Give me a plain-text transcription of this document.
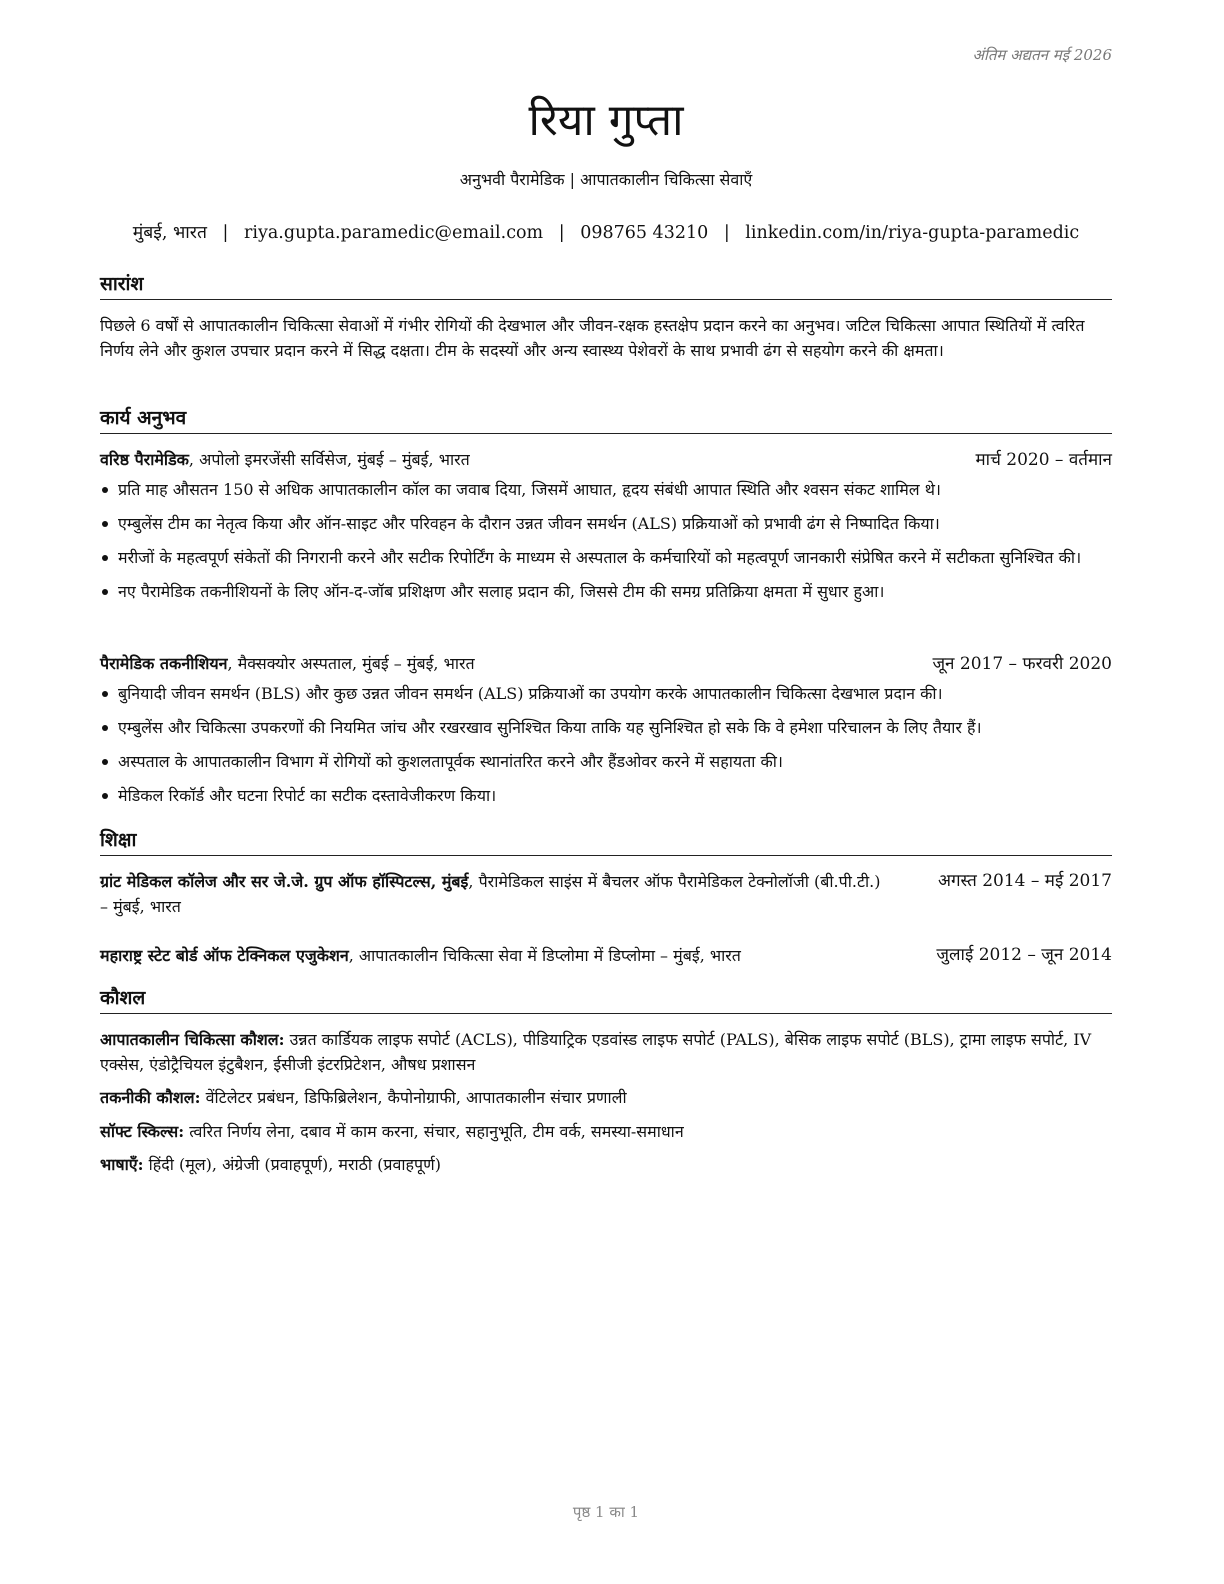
अंतिम अद्यतन मई 2026
रिया गुप्ता
अनुभवी पैरामेडिक | आपातकालीन चिकित्सा सेवाएँ
मुंबई, भारत | riya.gupta.paramedic@email.com | 098765 43210 | linkedin.com/in/riya-gupta-paramedic
सारांश
पिछले 6 वर्षों से आपातकालीन चिकित्सा सेवाओं में गंभीर रोगियों की देखभाल और जीवन-रक्षक हस्तक्षेप प्रदान करने का अनुभव। जटिल चिकित्सा आपात स्थितियों में त्वरित निर्णय लेने और कुशल उपचार प्रदान करने में सिद्ध दक्षता। टीम के सदस्यों और अन्य स्वास्थ्य पेशेवरों के साथ प्रभावी ढंग से सहयोग करने की क्षमता।
कार्य अनुभव
वरिष्ठ पैरामेडिक, अपोलो इमरजेंसी सर्विसेज, मुंबई – मुंबई, भारत	मार्च 2020 – वर्तमान
प्रति माह औसतन 150 से अधिक आपातकालीन कॉल का जवाब दिया, जिसमें आघात, हृदय संबंधी आपात स्थिति और श्वसन संकट शामिल थे।
एम्बुलेंस टीम का नेतृत्व किया और ऑन-साइट और परिवहन के दौरान उन्नत जीवन समर्थन (ALS) प्रक्रियाओं को प्रभावी ढंग से निष्पादित किया।
मरीजों के महत्वपूर्ण संकेतों की निगरानी करने और सटीक रिपोर्टिंग के माध्यम से अस्पताल के कर्मचारियों को महत्वपूर्ण जानकारी संप्रेषित करने में सटीकता सुनिश्चित की।
नए पैरामेडिक तकनीशियनों के लिए ऑन-द-जॉब प्रशिक्षण और सलाह प्रदान की, जिससे टीम की समग्र प्रतिक्रिया क्षमता में सुधार हुआ।
पैरामेडिक तकनीशियन, मैक्सक्योर अस्पताल, मुंबई – मुंबई, भारत	जून 2017 – फरवरी 2020
बुनियादी जीवन समर्थन (BLS) और कुछ उन्नत जीवन समर्थन (ALS) प्रक्रियाओं का उपयोग करके आपातकालीन चिकित्सा देखभाल प्रदान की।
एम्बुलेंस और चिकित्सा उपकरणों की नियमित जांच और रखरखाव सुनिश्चित किया ताकि यह सुनिश्चित हो सके कि वे हमेशा परिचालन के लिए तैयार हैं।
अस्पताल के आपातकालीन विभाग में रोगियों को कुशलतापूर्वक स्थानांतरित करने और हैंडओवर करने में सहायता की।
मेडिकल रिकॉर्ड और घटना रिपोर्ट का सटीक दस्तावेजीकरण किया।
शिक्षा
ग्रांट मेडिकल कॉलेज और सर जे.जे. ग्रुप ऑफ हॉस्पिटल्स, मुंबई, पैरामेडिकल साइंस में बैचलर ऑफ पैरामेडिकल टेक्नोलॉजी (बी.पी.टी.) – मुंबई, भारत
अगस्त 2014 – मई 2017
महाराष्ट्र स्टेट बोर्ड ऑफ टेक्निकल एजुकेशन, आपातकालीन चिकित्सा सेवा में डिप्लोमा में डिप्लोमा – मुंबई, भारत	जुलाई 2012 – जून 2014
कौशल
आपातकालीन चिकित्सा कौशल: उन्नत कार्डियक लाइफ सपोर्ट (ACLS), पीडियाट्रिक एडवांस्ड लाइफ सपोर्ट (PALS), बेसिक लाइफ सपोर्ट (BLS), ट्रामा लाइफ सपोर्ट, IV एक्सेस, एंडोट्रैचियल इंटुबैशन, ईसीजी इंटरप्रिटेशन, औषध प्रशासन
तकनीकी कौशल: वेंटिलेटर प्रबंधन, डिफिब्रिलेशन, कैपोनोग्राफी, आपातकालीन संचार प्रणाली
सॉफ्ट स्किल्स: त्वरित निर्णय लेना, दबाव में काम करना, संचार, सहानुभूति, टीम वर्क, समस्या-समाधान
भाषाएँ: हिंदी (मूल), अंग्रेजी (प्रवाहपूर्ण), मराठी (प्रवाहपूर्ण)
पृष्ठ 1 का 1
